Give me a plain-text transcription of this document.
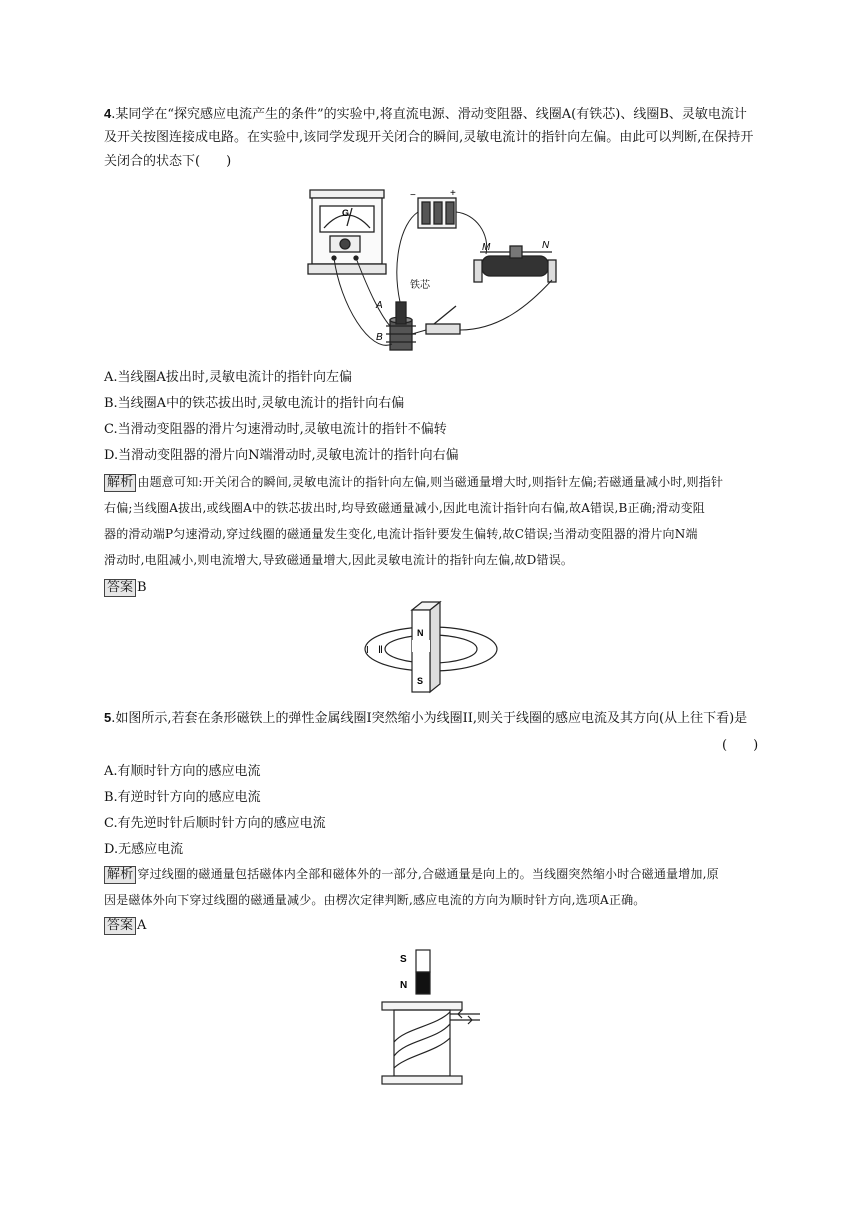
4.某同学在“探究感应电流产生的条件”的实验中,将直流电源、滑动变阻器、线圈A(有铁芯)、线圈B、灵敏电流计
及开关按图连接成电路。在实验中,该同学发现开关闭合的瞬间,灵敏电流计的指针向左偏。由此可以判断,在保持开
关闭合的状态下(　　)
G
−	+
M	N
A
B
铁芯
A.当线圈A拔出时,灵敏电流计的指针向左偏
B.当线圈A中的铁芯拔出时,灵敏电流计的指针向右偏
C.当滑动变阻器的滑片匀速滑动时,灵敏电流计的指针不偏转
D.当滑动变阻器的滑片向N端滑动时,灵敏电流计的指针向右偏
解析 由题意可知:开关闭合的瞬间,灵敏电流计的指针向左偏,则当磁通量增大时,则指针左偏;若磁通量减小时,则指针
右偏;当线圈A拔出,或线圈A中的铁芯拔出时,均导致磁通量减小,因此电流计指针向右偏,故A错误,B正确;滑动变阻
器的滑动端P匀速滑动,穿过线圈的磁通量发生变化,电流计指针要发生偏转,故C错误;当滑动变阻器的滑片向N端
滑动时,电阻减小,则电流增大,导致磁通量增大,因此灵敏电流计的指针向左偏,故D错误。
答案 B
N
S
I Ⅱ
5.如图所示,若套在条形磁铁上的弹性金属线圈I突然缩小为线圈II,则关于线圈的感应电流及其方向(从上往下看)是
(　　)
A.有顺时针方向的感应电流
B.有逆时针方向的感应电流
C.有先逆时针后顺时针方向的感应电流
D.无感应电流
解析 穿过线圈的磁通量包括磁体内全部和磁体外的一部分,合磁通量是向上的。当线圈突然缩小时合磁通量增加,原
因是磁体外向下穿过线圈的磁通量减少。由楞次定律判断,感应电流的方向为顺时针方向,选项A正确。
答案 A
S
N
